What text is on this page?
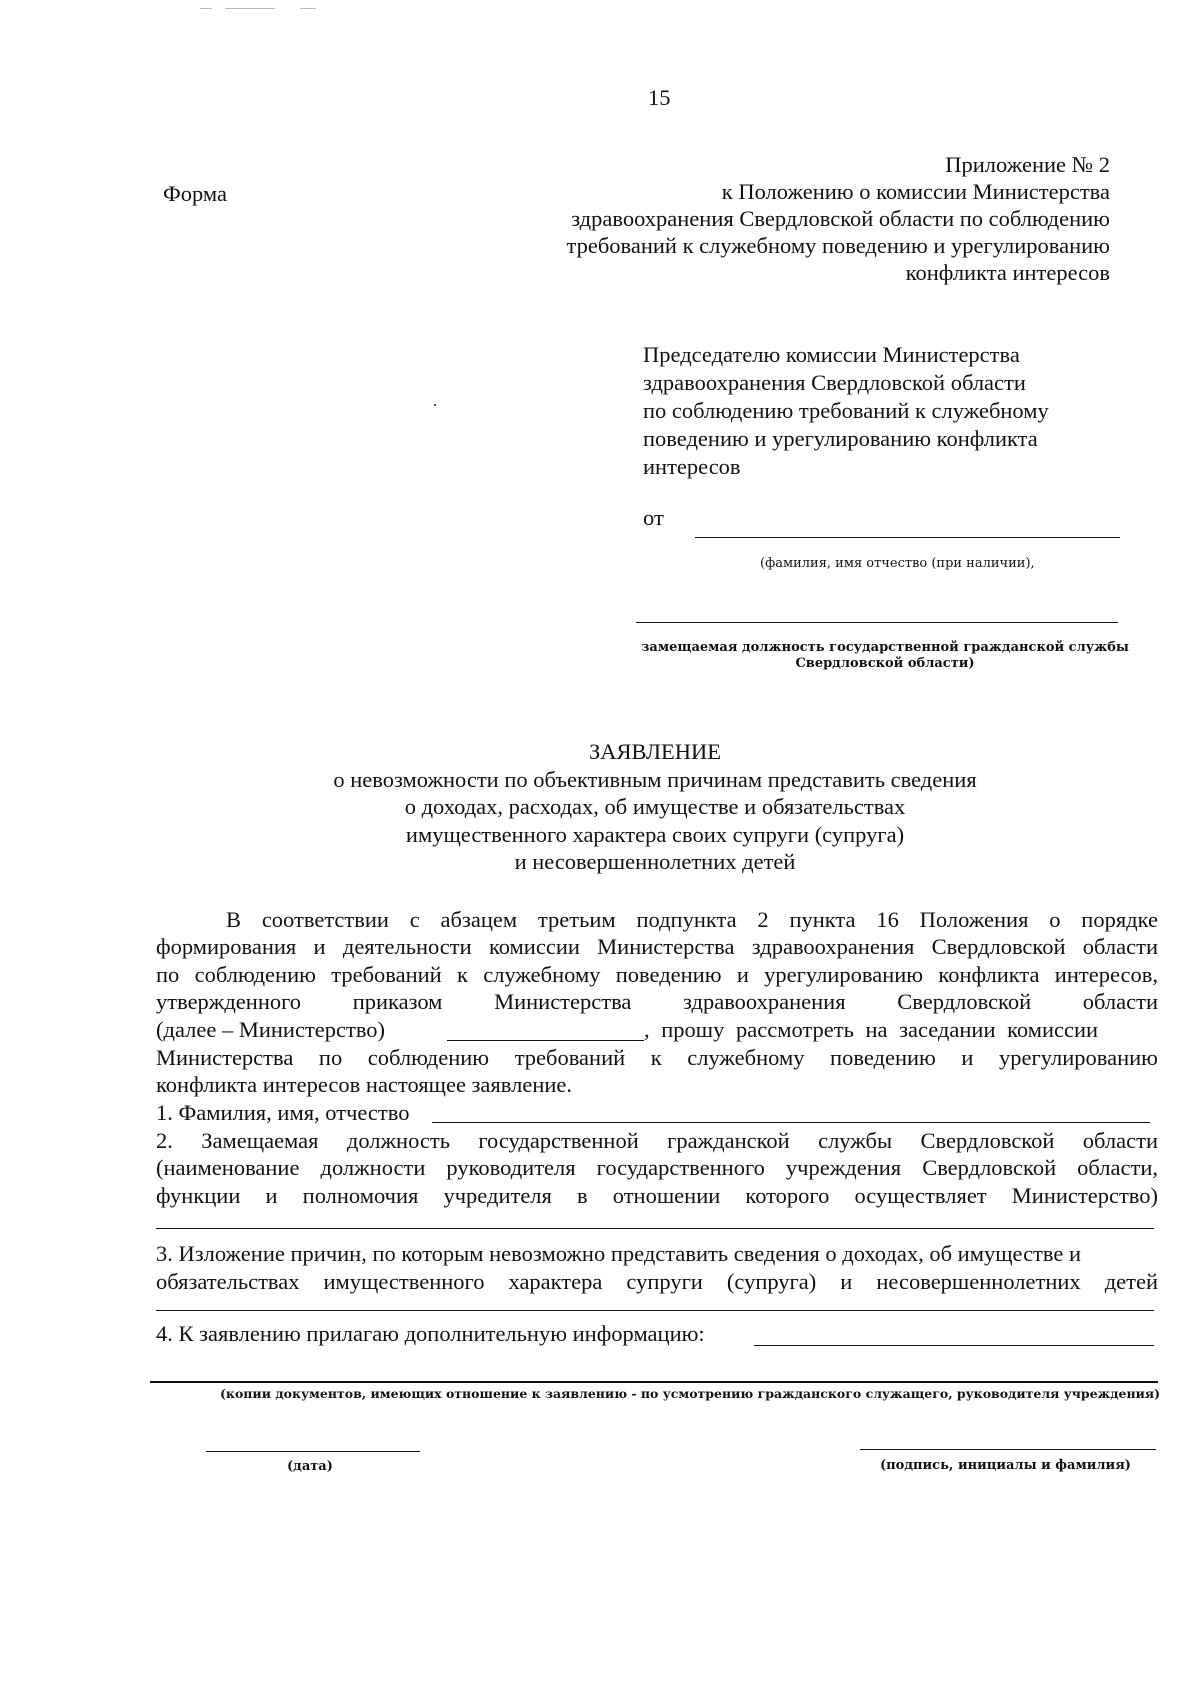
15
Форма
Приложение № 2
к Положению о комиссии Министерства
здравоохранения Свердловской области по соблюдению
требований к служебному поведению и урегулированию
конфликта интересов
Председателю комиссии Министерства
здравоохранения Свердловской области
по соблюдению требований к служебному
поведению и урегулированию конфликта
интересов
от
(фамилия, имя отчество (при наличии),
замещаемая должность государственной гражданской службы
Свердловской области)
ЗАЯВЛЕНИЕ
о невозможности по объективным причинам представить сведения
о доходах, расходах, об имуществе и обязательствах
имущественного характера своих супруги (супруга)
и несовершеннолетних детей
В соответствии с абзацем третьим подпункта 2 пункта 16 Положения о порядке
формирования и деятельности комиссии Министерства здравоохранения Свердловской области
по соблюдению требований к служебному поведению и урегулированию конфликта интересов,
утвержденного приказом Министерства здравоохранения Свердловской области
(далее – Министерство)	, прошу рассмотреть на заседании комиссии
Министерства по соблюдению требований к служебному поведению и урегулированию
конфликта интересов настоящее заявление.
1. Фамилия, имя, отчество
2. Замещаемая должность государственной гражданской службы Свердловской области
(наименование должности руководителя государственного учреждения Свердловской области,
функции и полномочия учредителя в отношении которого осуществляет Министерство)
3. Изложение причин, по которым невозможно представить сведения о доходах, об имуществе и
обязательствах имущественного характера супруги (супруга) и несовершеннолетних детей
4. К заявлению прилагаю дополнительную информацию:
(копии документов, имеющих отношение к заявлению - по усмотрению гражданского служащего, руководителя учреждения)
(дата)	(подпись, инициалы и фамилия)
